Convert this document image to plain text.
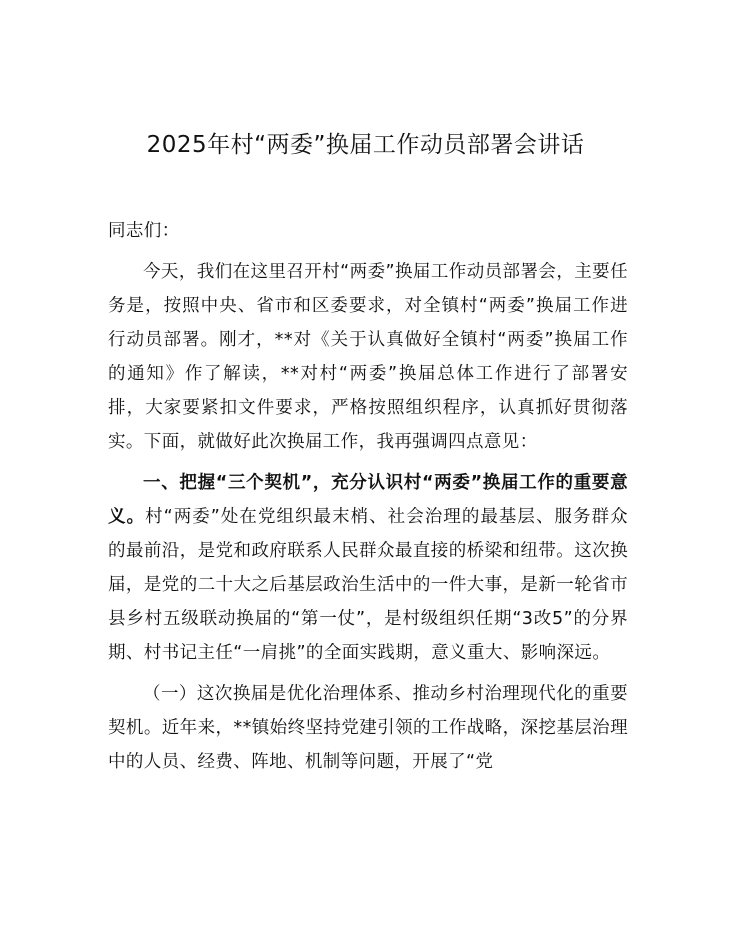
2025年村“两委”换届工作动员部署会讲话

同志们：

今天，我们在这里召开村“两委”换届工作动员部署会，主要任务是，按照中央、省市和区委要求，对全镇村“两委”换届工作进行动员部署。刚才，**对《关于认真做好全镇村“两委”换届工作的通知》作了解读，**对村“两委”换届总体工作进行了部署安排，大家要紧扣文件要求，严格按照组织程序，认真抓好贯彻落实。下面，就做好此次换届工作，我再强调四点意见：

一、把握“三个契机”，充分认识村“两委”换届工作的重要意义。村“两委”处在党组织最末梢、社会治理的最基层、服务群众的最前沿，是党和政府联系人民群众最直接的桥梁和纽带。这次换届，是党的二十大之后基层政治生活中的一件大事，是新一轮省市县乡村五级联动换届的“第一仗”，是村级组织任期“3改5”的分界期、村书记主任“一肩挑”的全面实践期，意义重大、影响深远。

（一）这次换届是优化治理体系、推动乡村治理现代化的重要契机。近年来，**镇始终坚持党建引领的工作战略，深挖基层治理中的人员、经费、阵地、机制等问题，开展了“党
